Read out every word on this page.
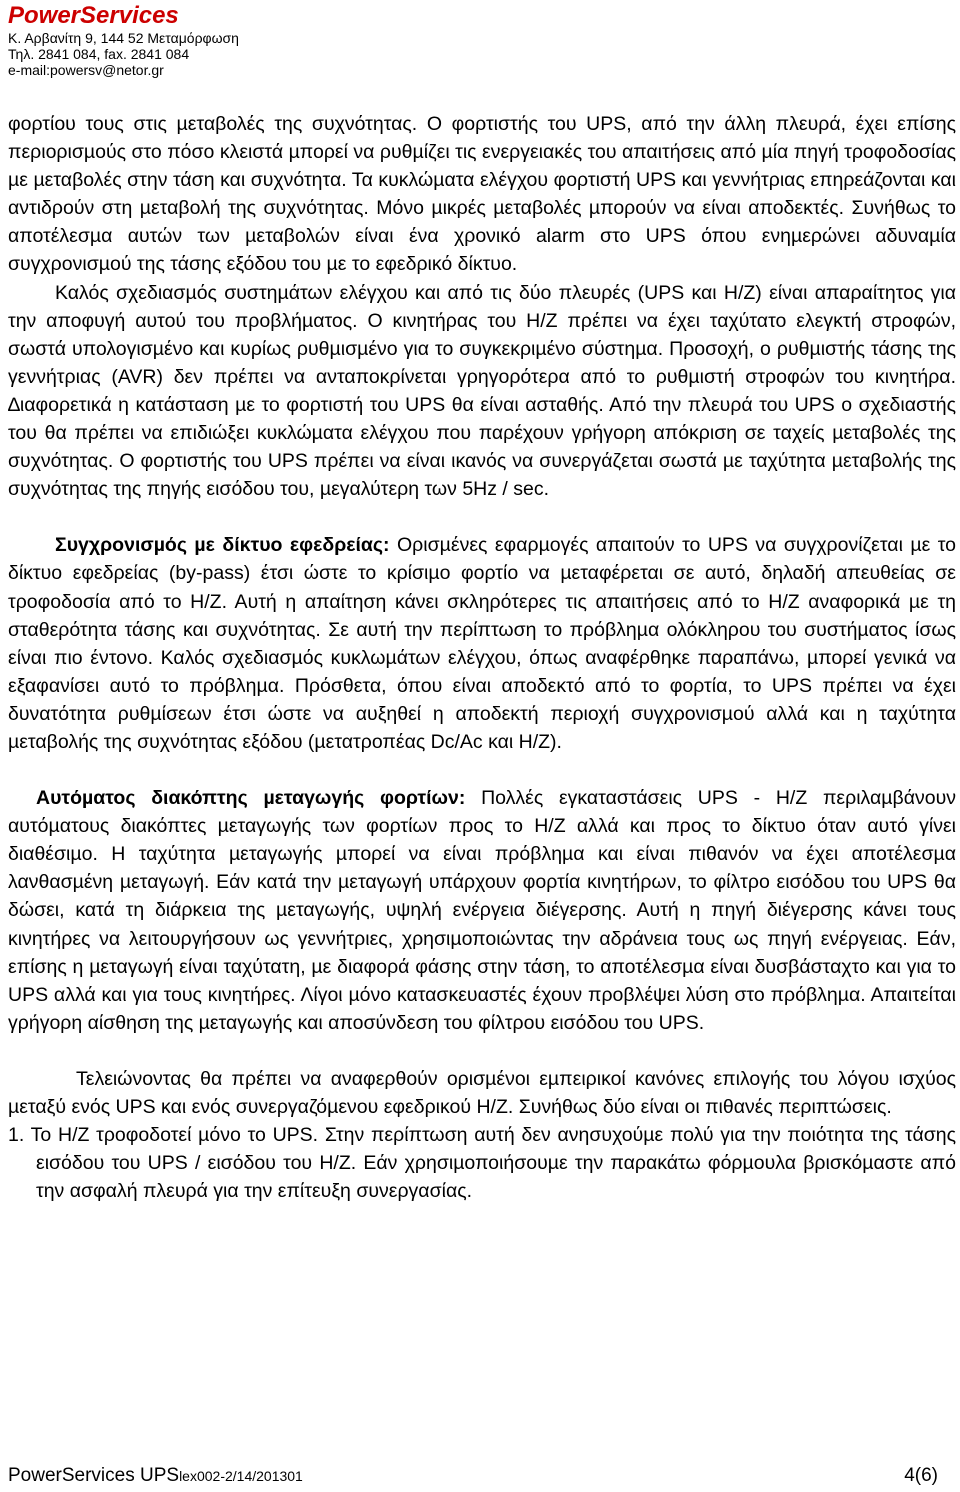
PowerServices
Κ. Αρβανίτη 9, 144 52 Μεταμόρφωση
Τηλ. 2841 084, fax. 2841 084
e-mail:powersv@netor.gr

φορτίου τους στις µεταβολές της συχνότητας. Ο φορτιστής του UPS, από την άλλη πλευρά, έχει επίσης περιορισµούς στο πόσο κλειστά µπορεί να ρυθµίζει τις ενεργειακές του απαιτήσεις από µία πηγή τροφοδοσίας µε µεταβολές στην τάση και συχνότητα. Τα κυκλώµατα ελέγχου φορτιστή UPS και γεννήτριας επηρεάζονται και αντιδρούν στη µεταβολή της συχνότητας. Μόνο µικρές µεταβολές µπορούν να είναι αποδεκτές. Συνήθως το αποτέλεσµα αυτών των µεταβολών είναι ένα χρονικό alarm στο UPS όπου ενηµερώνει αδυναµία συγχρονισµού της τάσης εξόδου του µε το εφεδρικό δίκτυο.

Καλός σχεδιασµός συστηµάτων ελέγχου και από τις δύο πλευρές (UPS και Η/Ζ) είναι απαραίτητος για την αποφυγή αυτού του προβλήµατος. Ο κινητήρας του Η/Ζ πρέπει να έχει ταχύτατο ελεγκτή στροφών, σωστά υπολογισµένο και κυρίως ρυθµισµένο για το συγκεκριµένο σύστηµα. Προσοχή, ο ρυθµιστής τάσης της γεννήτριας (AVR) δεν πρέπει να ανταποκρίνεται γρηγορότερα από το ρυθµιστή στροφών του κινητήρα. ∆ιαφορετικά η κατάσταση µε το φορτιστή του UPS θα είναι ασταθής. Από την πλευρά του UPS ο σχεδιαστής του θα πρέπει να επιδιώξει κυκλώµατα ελέγχου που παρέχουν γρήγορη απόκριση σε ταχείς µεταβολές της συχνότητας. Ο φορτιστής του UPS πρέπει να είναι ικανός να συνεργάζεται σωστά µε ταχύτητα µεταβολής της συχνότητας της πηγής εισόδου του, µεγαλύτερη των 5Hz / sec.

Συγχρονισµός µε δίκτυο εφεδρείας: Ορισµένες εφαρµογές απαιτούν το UPS να συγχρονίζεται µε το δίκτυο εφεδρείας (by-pass) έτσι ώστε το κρίσιµο φορτίο να µεταφέρεται σε αυτό, δηλαδή απευθείας σε τροφοδοσία από το Η/Ζ. Αυτή η απαίτηση κάνει σκληρότερες τις απαιτήσεις από το Η/Ζ αναφορικά µε τη σταθερότητα τάσης και συχνότητας. Σε αυτή την περίπτωση το πρόβληµα ολόκληρου του συστήµατος ίσως είναι πιο έντονο. Καλός σχεδιασµός κυκλωµάτων ελέγχου, όπως αναφέρθηκε παραπάνω, µπορεί γενικά να εξαφανίσει αυτό το πρόβληµα. Πρόσθετα, όπου είναι αποδεκτό από το φορτία, το UPS πρέπει να έχει δυνατότητα ρυθµίσεων έτσι ώστε να αυξηθεί η αποδεκτή περιοχή συγχρονισµού αλλά και η ταχύτητα µεταβολής της συχνότητας εξόδου (µετατροπέας Dc/Ac και Η/Ζ).

Αυτόµατος διακόπτης µεταγωγής φορτίων: Πολλές εγκαταστάσεις UPS - Η/Ζ περιλαµβάνουν αυτόµατους διακόπτες µεταγωγής των φορτίων προς το Η/Ζ αλλά και προς το δίκτυο όταν αυτό γίνει διαθέσιµο. Η ταχύτητα µεταγωγής µπορεί να είναι πρόβληµα και είναι πιθανόν να έχει αποτέλεσµα λανθασµένη µεταγωγή. Εάν κατά την µεταγωγή υπάρχουν φορτία κινητήρων, το φίλτρο εισόδου του UPS θα δώσει, κατά τη διάρκεια της µεταγωγής, υψηλή ενέργεια διέγερσης. Αυτή η πηγή διέγερσης κάνει τους κινητήρες να λειτουργήσουν ως γεννήτριες, χρησιµοποιώντας την αδράνεια τους ως πηγή ενέργειας. Εάν, επίσης η µεταγωγή είναι ταχύτατη, µε διαφορά φάσης στην τάση, το αποτέλεσµα είναι δυσβάσταχτο και για το UPS αλλά και για τους κινητήρες. Λίγοι µόνο κατασκευαστές έχουν προβλέψει λύση στο πρόβληµα. Απαιτείται γρήγορη αίσθηση της µεταγωγής και αποσύνδεση του φίλτρου εισόδου του UPS.

Τελειώνοντας θα πρέπει να αναφερθούν ορισµένοι εµπειρικοί κανόνες επιλογής του λόγου ισχύος µεταξύ ενός UPS και ενός συνεργαζόµενου εφεδρικού Η/Ζ. Συνήθως δύο είναι οι πιθανές περιπτώσεις.

1. Το Η/Ζ τροφοδοτεί µόνο το UPS. Στην περίπτωση αυτή δεν ανησυχούµε πολύ για την ποιότητα της τάσης εισόδου του UPS / εισόδου του Η/Ζ. Εάν χρησιµοποιήσουµε την παρακάτω φόρµουλα βρισκόµαστε από την ασφαλή πλευρά για την επίτευξη συνεργασίας.
PowerServices UPSlex002-2/14/201301	4(6)
